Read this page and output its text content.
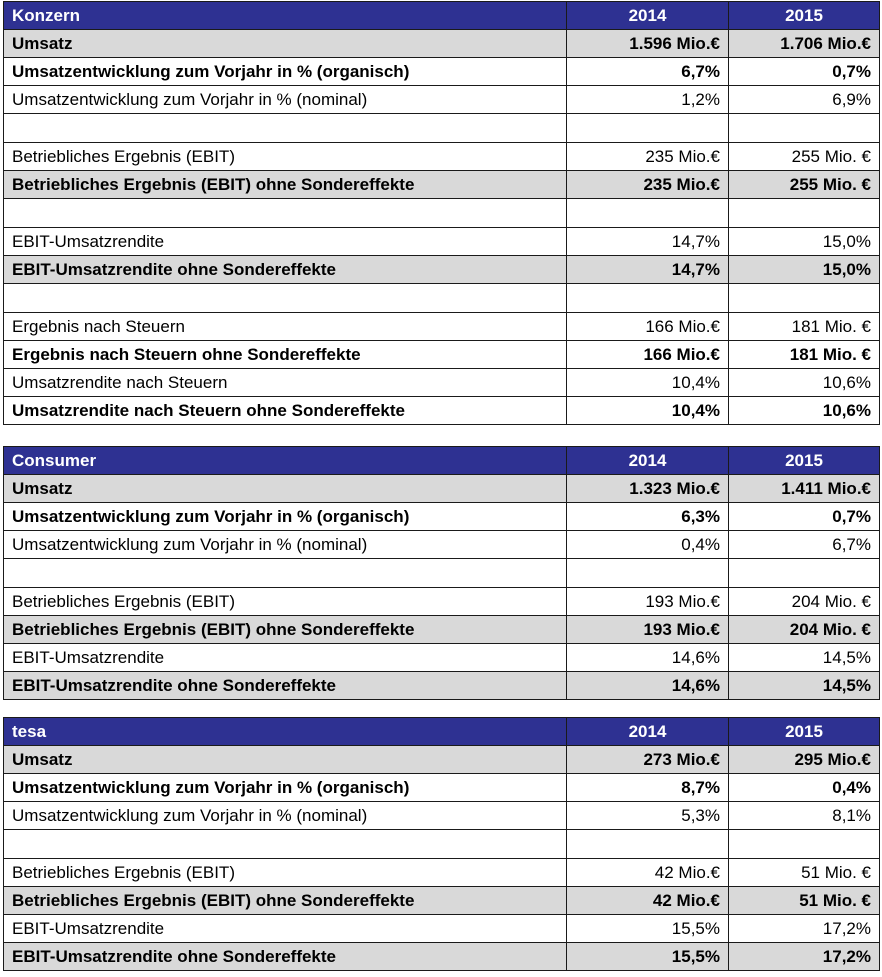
Konzern	2014	2015
Umsatz	1.596 Mio.€	1.706 Mio.€
Umsatzentwicklung zum Vorjahr in % (organisch)	6,7%	0,7%
Umsatzentwicklung zum Vorjahr in % (nominal)	1,2%	6,9%

Betriebliches Ergebnis (EBIT)	235 Mio.€	255 Mio. €
Betriebliches Ergebnis (EBIT) ohne Sondereffekte	235 Mio.€	255 Mio. €

EBIT-Umsatzrendite	14,7%	15,0%
EBIT-Umsatzrendite ohne Sondereffekte	14,7%	15,0%

Ergebnis nach Steuern	166 Mio.€	181 Mio. €
Ergebnis nach Steuern ohne Sondereffekte	166 Mio.€	181 Mio. €
Umsatzrendite nach Steuern	10,4%	10,6%
Umsatzrendite nach Steuern ohne Sondereffekte	10,4%	10,6%
Consumer	2014	2015
Umsatz	1.323 Mio.€	1.411 Mio.€
Umsatzentwicklung zum Vorjahr in % (organisch)	6,3%	0,7%
Umsatzentwicklung zum Vorjahr in % (nominal)	0,4%	6,7%

Betriebliches Ergebnis (EBIT)	193 Mio.€	204 Mio. €
Betriebliches Ergebnis (EBIT) ohne Sondereffekte	193 Mio.€	204 Mio. €
EBIT-Umsatzrendite	14,6%	14,5%
EBIT-Umsatzrendite ohne Sondereffekte	14,6%	14,5%
tesa	2014	2015
Umsatz	273 Mio.€	295 Mio.€
Umsatzentwicklung zum Vorjahr in % (organisch)	8,7%	0,4%
Umsatzentwicklung zum Vorjahr in % (nominal)	5,3%	8,1%

Betriebliches Ergebnis (EBIT)	42 Mio.€	51 Mio. €
Betriebliches Ergebnis (EBIT) ohne Sondereffekte	42 Mio.€	51 Mio. €
EBIT-Umsatzrendite	15,5%	17,2%
EBIT-Umsatzrendite ohne Sondereffekte	15,5%	17,2%
